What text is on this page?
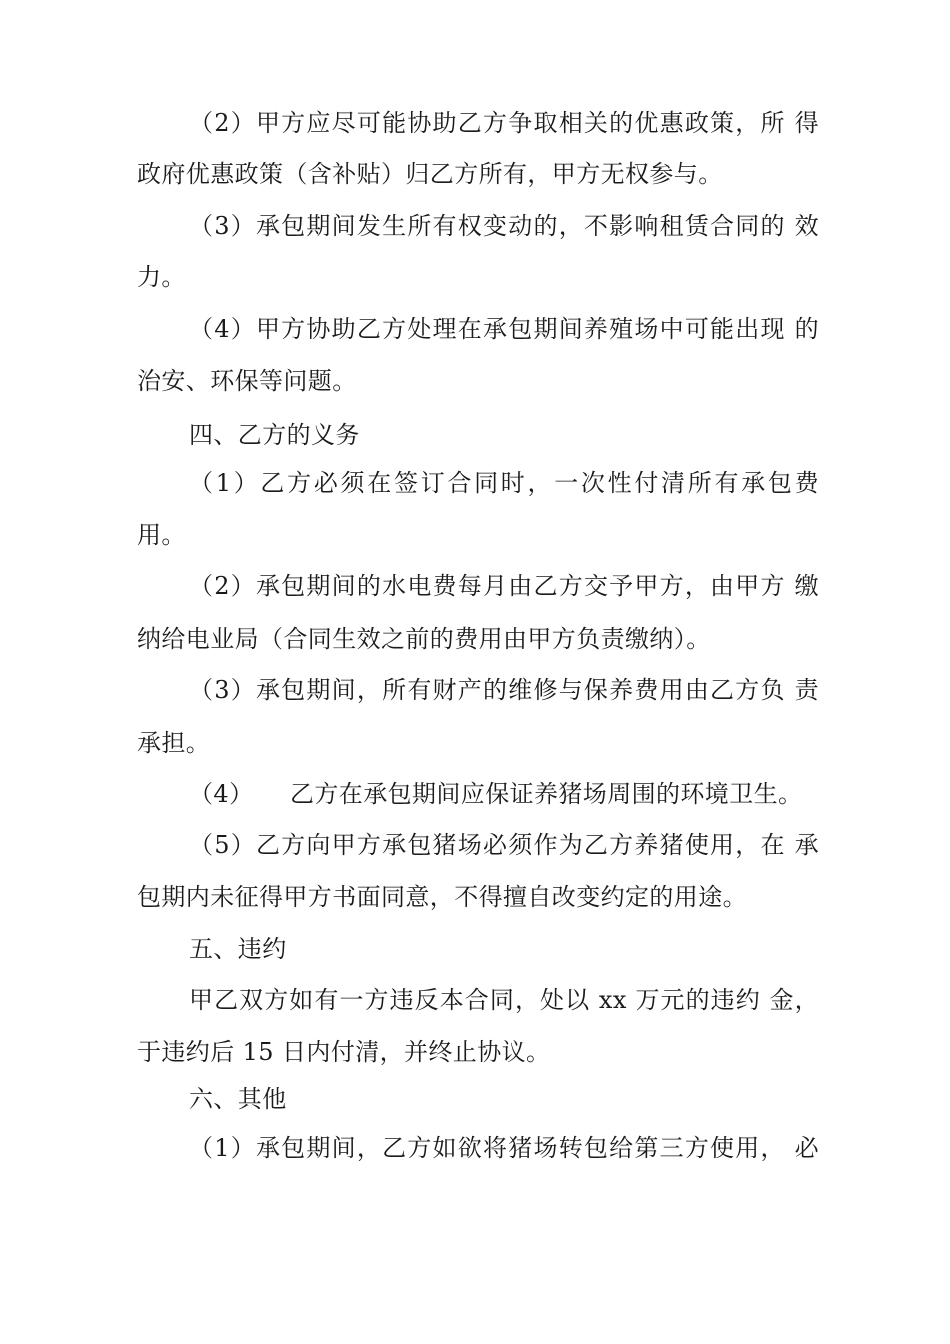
（2）甲方应尽可能协助乙方争取相关的优惠政策，所 得
政府优惠政策（含补贴）归乙方所有，甲方无权参与。
（3）承包期间发生所有权变动的，不影响租赁合同的 效
力。
（4）甲方协助乙方处理在承包期间养殖场中可能出现 的
治安、环保等问题。
四、乙方的义务
（1）乙方必须在签订合同时，一次性付清所有承包费
用。
（2）承包期间的水电费每月由乙方交予甲方，由甲方 缴
纳给电业局（合同生效之前的费用由甲方负责缴纳）。
（3）承包期间，所有财产的维修与保养费用由乙方负 责
承担。
（4）	乙方在承包期间应保证养猪场周围的环境卫生。
（5）乙方向甲方承包猪场必须作为乙方养猪使用，在 承
包期内未征得甲方书面同意，不得擅自改变约定的用途。
五、违约
甲乙双方如有一方违反本合同，处以 xx 万元的违约 金，
于违约后 15 日内付清，并终止协议。
六、其他
（1）承包期间，乙方如欲将猪场转包给第三方使用， 必
